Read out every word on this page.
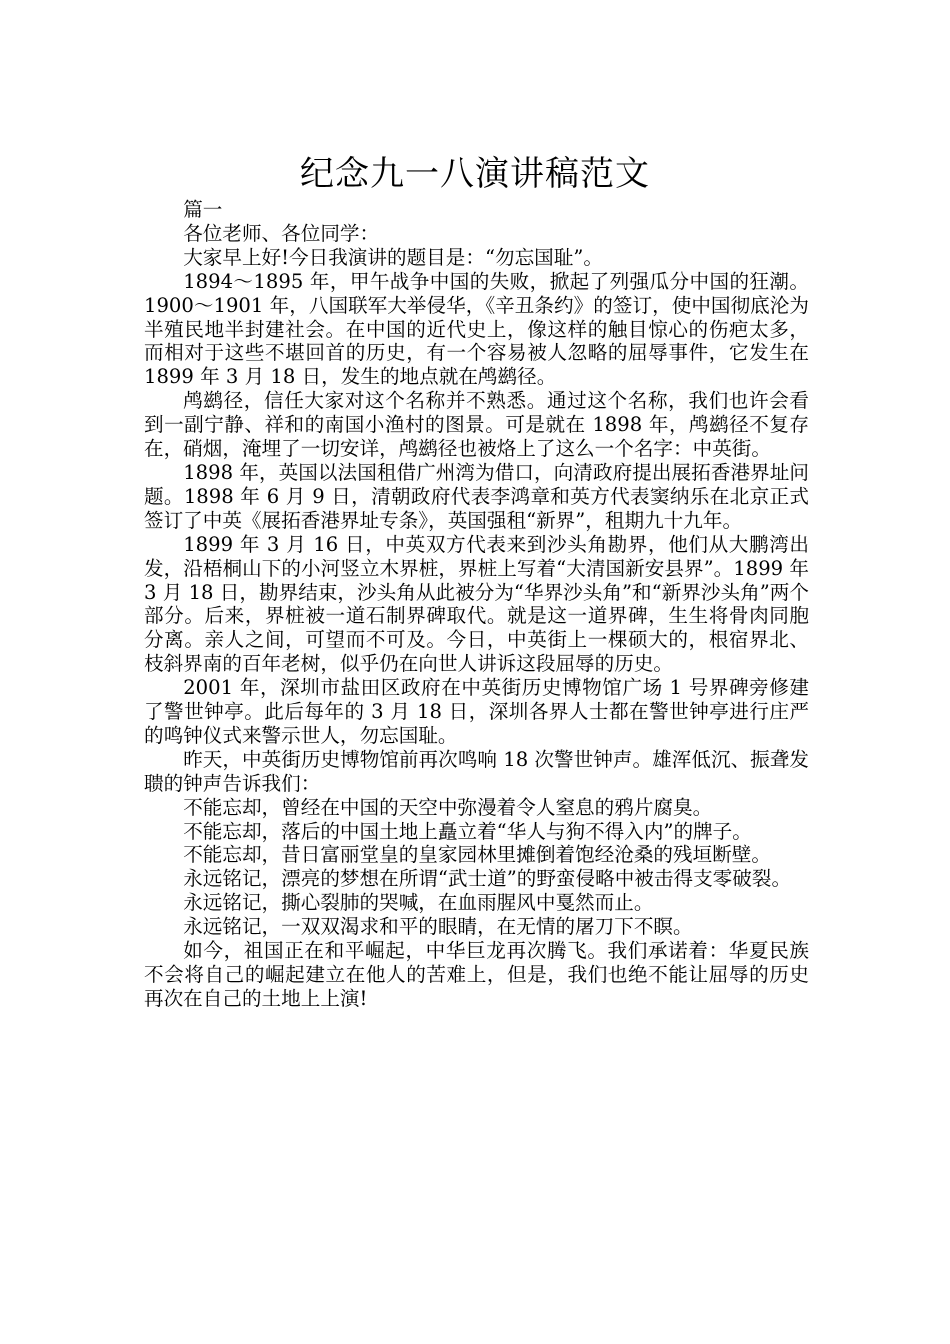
纪念九一八演讲稿范文

篇一

各位老师、各位同学：

大家早上好!今日我演讲的题目是：“勿忘国耻”。

1894～1895 年，甲午战争中国的失败，掀起了列强瓜分中国的狂潮。1900～1901 年，八国联军大举侵华，《辛丑条约》的签订，使中国彻底沦为半殖民地半封建社会。在中国的近代史上，像这样的触目惊心的伤疤太多，而相对于这些不堪回首的历史，有一个容易被人忽略的屈辱事件，它发生在 1899 年 3 月 18 日，发生的地点就在鸬鹚径。

鸬鹚径，信任大家对这个名称并不熟悉。通过这个名称，我们也许会看到一副宁静、祥和的南国小渔村的图景。可是就在 1898 年，鸬鹚径不复存在，硝烟，淹埋了一切安详，鸬鹚径也被烙上了这么一个名字：中英街。

1898 年，英国以法国租借广州湾为借口，向清政府提出展拓香港界址问题。1898 年 6 月 9 日，清朝政府代表李鸿章和英方代表窦纳乐在北京正式签订了中英《展拓香港界址专条》，英国强租“新界”，租期九十九年。

1899 年 3 月 16 日，中英双方代表来到沙头角勘界，他们从大鹏湾出发，沿梧桐山下的小河竖立木界桩，界桩上写着“大清国新安县界”。1899 年 3 月 18 日，勘界结束，沙头角从此被分为“华界沙头角”和“新界沙头角”两个部分。后来，界桩被一道石制界碑取代。就是这一道界碑，生生将骨肉同胞分离。亲人之间，可望而不可及。今日，中英街上一棵硕大的，根宿界北、枝斜界南的百年老树，似乎仍在向世人讲诉这段屈辱的历史。

2001 年，深圳市盐田区政府在中英街历史博物馆广场 1 号界碑旁修建了警世钟亭。此后每年的 3 月 18 日，深圳各界人士都在警世钟亭进行庄严的鸣钟仪式来警示世人，勿忘国耻。

昨天，中英街历史博物馆前再次鸣响 18 次警世钟声。雄浑低沉、振聋发聩的钟声告诉我们：

不能忘却，曾经在中国的天空中弥漫着令人窒息的鸦片腐臭。

不能忘却，落后的中国土地上矗立着“华人与狗不得入内”的牌子。

不能忘却，昔日富丽堂皇的皇家园林里摊倒着饱经沧桑的残垣断壁。

永远铭记，漂亮的梦想在所谓“武士道”的野蛮侵略中被击得支零破裂。

永远铭记，撕心裂肺的哭喊，在血雨腥风中戛然而止。

永远铭记，一双双渴求和平的眼睛，在无情的屠刀下不瞑。

如今，祖国正在和平崛起，中华巨龙再次腾飞。我们承诺着：华夏民族不会将自己的崛起建立在他人的苦难上，但是，我们也绝不能让屈辱的历史再次在自己的土地上上演!
